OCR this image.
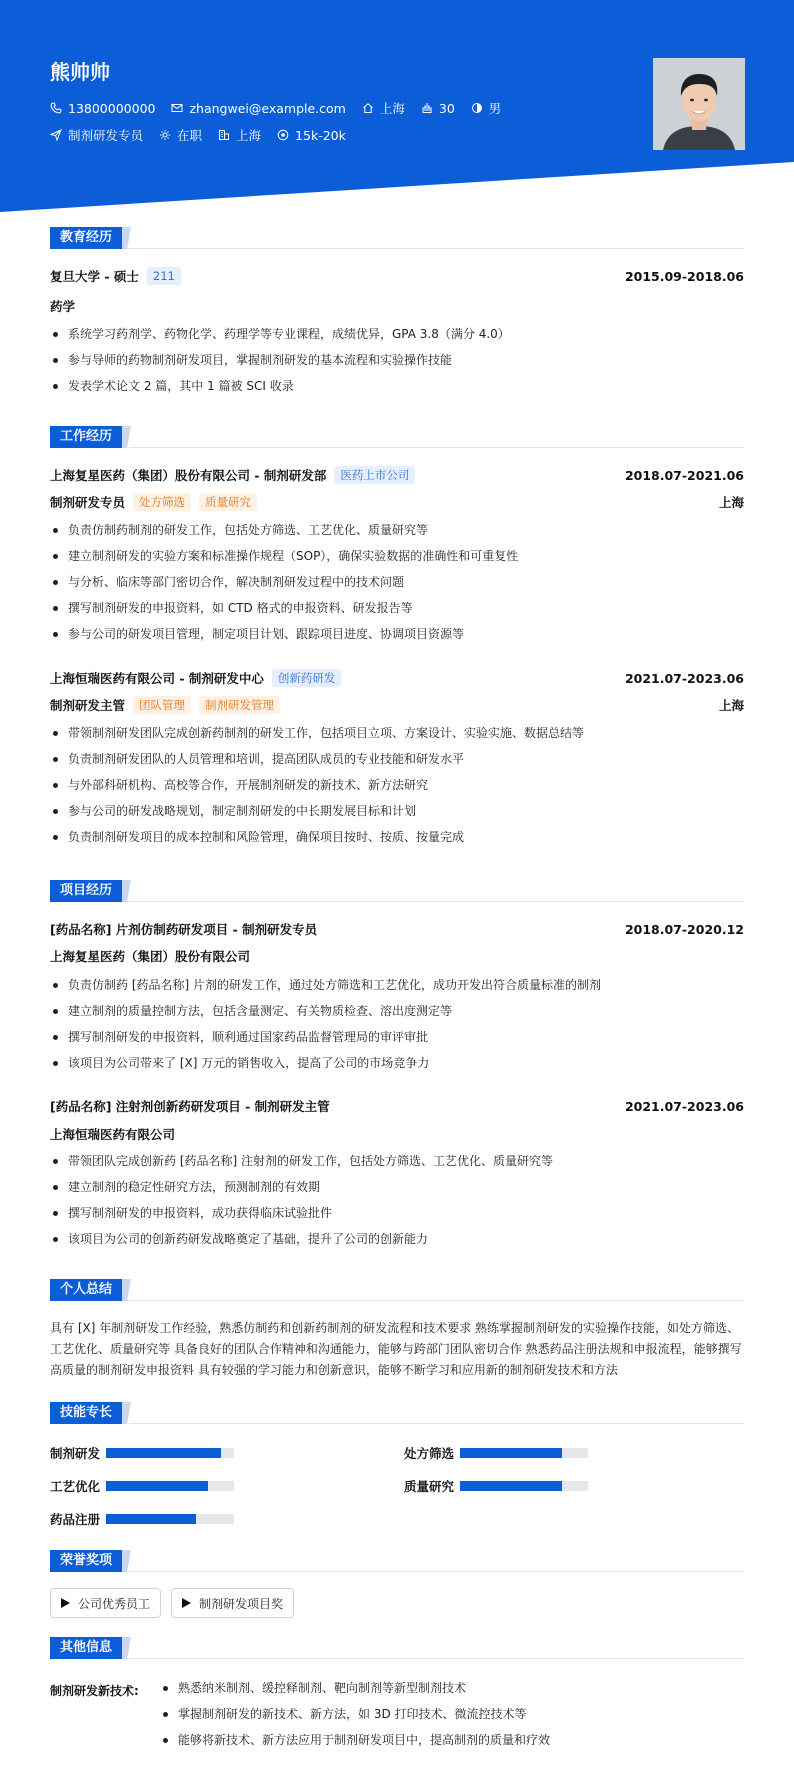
熊帅帅
13800000000	zhangwei@example.com	上海	30	男
制剂研发专员	在职	上海	15k-20k
教育经历
复旦大学 - 硕士	211	2015.09-2018.06
药学
系统学习药剂学、药物化学、药理学等专业课程，成绩优异，GPA 3.8（满分 4.0）
参与导师的药物制剂研发项目，掌握制剂研发的基本流程和实验操作技能
发表学术论文 2 篇，其中 1 篇被 SCI 收录
工作经历
上海复星医药（集团）股份有限公司 - 制剂研发部	医药上市公司	2018.07-2021.06
制剂研发专员	处方筛选	质量研究	上海
负责仿制药制剂的研发工作，包括处方筛选、工艺优化、质量研究等
建立制剂研发的实验方案和标准操作规程（SOP），确保实验数据的准确性和可重复性
与分析、临床等部门密切合作，解决制剂研发过程中的技术问题
撰写制剂研发的申报资料，如 CTD 格式的申报资料、研发报告等
参与公司的研发项目管理，制定项目计划、跟踪项目进度、协调项目资源等
上海恒瑞医药有限公司 - 制剂研发中心	创新药研发	2021.07-2023.06
制剂研发主管	团队管理	制剂研发管理	上海
带领制剂研发团队完成创新药制剂的研发工作，包括项目立项、方案设计、实验实施、数据总结等
负责制剂研发团队的人员管理和培训，提高团队成员的专业技能和研发水平
与外部科研机构、高校等合作，开展制剂研发的新技术、新方法研究
参与公司的研发战略规划，制定制剂研发的中长期发展目标和计划
负责制剂研发项目的成本控制和风险管理，确保项目按时、按质、按量完成
项目经历
[药品名称] 片剂仿制药研发项目 - 制剂研发专员	2018.07-2020.12
上海复星医药（集团）股份有限公司
负责仿制药 [药品名称] 片剂的研发工作，通过处方筛选和工艺优化，成功开发出符合质量标准的制剂
建立制剂的质量控制方法，包括含量测定、有关物质检查、溶出度测定等
撰写制剂研发的申报资料，顺利通过国家药品监督管理局的审评审批
该项目为公司带来了 [X] 万元的销售收入，提高了公司的市场竞争力
[药品名称] 注射剂创新药研发项目 - 制剂研发主管	2021.07-2023.06
上海恒瑞医药有限公司
带领团队完成创新药 [药品名称] 注射剂的研发工作，包括处方筛选、工艺优化、质量研究等
建立制剂的稳定性研究方法，预测制剂的有效期
撰写制剂研发的申报资料，成功获得临床试验批件
该项目为公司的创新药研发战略奠定了基础，提升了公司的创新能力
个人总结
具有 [X] 年制剂研发工作经验，熟悉仿制药和创新药制剂的研发流程和技术要求 熟练掌握制剂研发的实验操作技能，如处方筛选、
工艺优化、质量研究等 具备良好的团队合作精神和沟通能力，能够与跨部门团队密切合作 熟悉药品注册法规和申报流程，能够撰写
高质量的制剂研发申报资料 具有较强的学习能力和创新意识，能够不断学习和应用新的制剂研发技术和方法
技能专长
制剂研发	处方筛选
工艺优化	质量研究
药品注册
荣誉奖项
公司优秀员工	制剂研发项目奖
其他信息
制剂研发新技术:	熟悉纳米制剂、缓控释制剂、靶向制剂等新型制剂技术
掌握制剂研发的新技术、新方法，如 3D 打印技术、微流控技术等
能够将新技术、新方法应用于制剂研发项目中，提高制剂的质量和疗效
